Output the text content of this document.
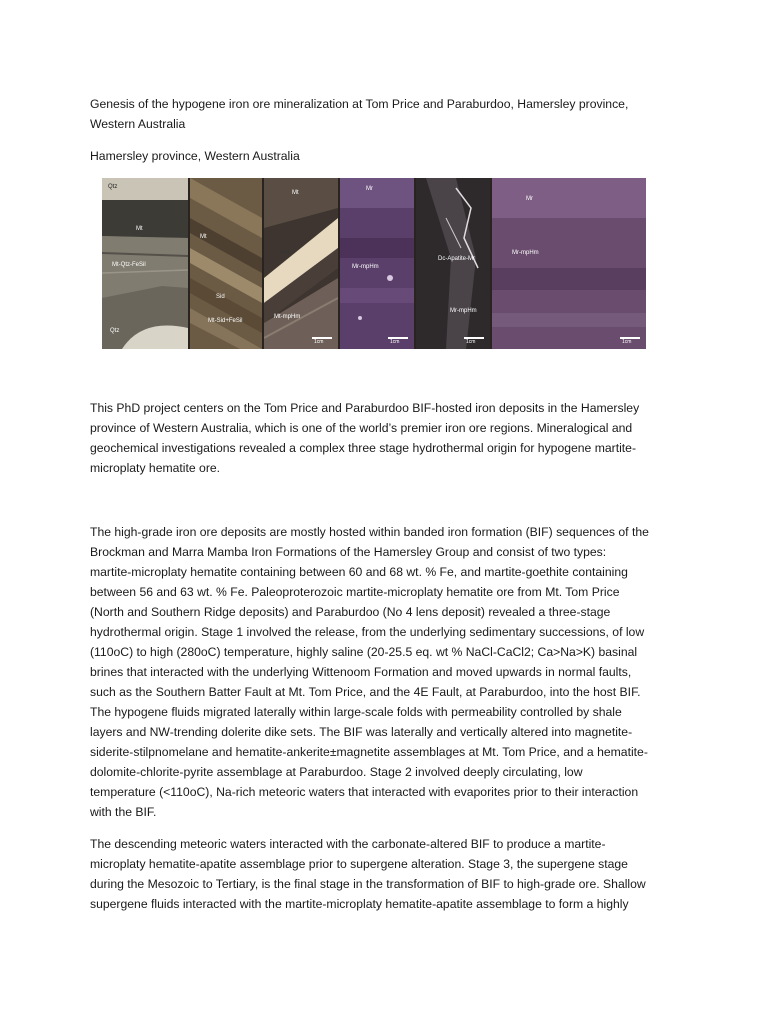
Genesis of the hypogene iron ore mineralization at Tom Price and Paraburdoo, Hamersley province,
Western Australia
Hamersley province, Western Australia
Qtz
Mt
Mt-Qtz-FeSil
Qtz
Mt
Sid
Mt-Sid+FeSil
Mt
Ank
Mt-mpHm
1cm
Mr
Mr-mpHm
1cm
Dc-Apatite-Mr
Mr-mpHm
1cm
Mr
Mr-mpHm
1cm
This PhD project centers on the Tom Price and Paraburdoo BIF-hosted iron deposits in the Hamersley
province of Western Australia, which is one of the world’s premier iron ore regions. Mineralogical and
geochemical investigations revealed a complex three stage hydrothermal origin for hypogene martite-
microplaty hematite ore.
The high-grade iron ore deposits are mostly hosted within banded iron formation (BIF) sequences of the
Brockman and Marra Mamba Iron Formations of the Hamersley Group and consist of two types:
martite-microplaty hematite containing between 60 and 68 wt. % Fe, and martite-goethite containing
between 56 and 63 wt. % Fe. Paleoproterozoic martite-microplaty hematite ore from Mt. Tom Price
(North and Southern Ridge deposits) and Paraburdoo (No 4 lens deposit) revealed a three-stage
hydrothermal origin. Stage 1 involved the release, from the underlying sedimentary successions, of low
(110oC) to high (280oC) temperature, highly saline (20-25.5 eq. wt % NaCl-CaCl2; Ca>Na>K) basinal
brines that interacted with the underlying Wittenoom Formation and moved upwards in normal faults,
such as the Southern Batter Fault at Mt. Tom Price, and the 4E Fault, at Paraburdoo, into the host BIF.
The hypogene fluids migrated laterally within large-scale folds with permeability controlled by shale
layers and NW-trending dolerite dike sets. The BIF was laterally and vertically altered into magnetite-
siderite-stilpnomelane and hematite-ankerite±magnetite assemblages at Mt. Tom Price, and a hematite-
dolomite-chlorite-pyrite assemblage at Paraburdoo. Stage 2 involved deeply circulating, low
temperature (<110oC), Na-rich meteoric waters that interacted with evaporites prior to their interaction
with the BIF.
The descending meteoric waters interacted with the carbonate-altered BIF to produce a martite-
microplaty hematite-apatite assemblage prior to supergene alteration. Stage 3, the supergene stage
during the Mesozoic to Tertiary, is the final stage in the transformation of BIF to high-grade ore. Shallow
supergene fluids interacted with the martite-microplaty hematite-apatite assemblage to form a highly
